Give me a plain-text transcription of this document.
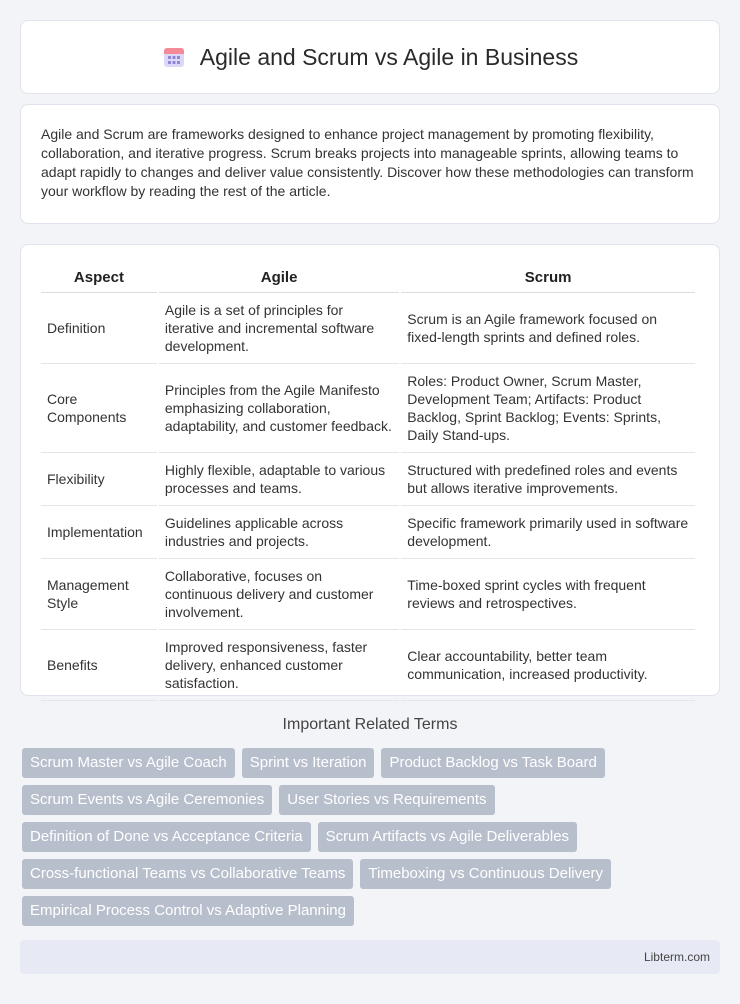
Agile and Scrum vs Agile in Business

Agile and Scrum are frameworks designed to enhance project management by promoting flexibility, collaboration, and iterative progress. Scrum breaks projects into manageable sprints, allowing teams to adapt rapidly to changes and deliver value consistently. Discover how these methodologies can transform your workflow by reading the rest of the article.

Aspect	Agile	Scrum
Definition	Agile is a set of principles for iterative and incremental software development.	Scrum is an Agile framework focused on fixed-length sprints and defined roles.
Core Components	Principles from the Agile Manifesto emphasizing collaboration, adaptability, and customer feedback.	Roles: Product Owner, Scrum Master, Development Team; Artifacts: Product Backlog, Sprint Backlog; Events: Sprints, Daily Stand-ups.
Flexibility	Highly flexible, adaptable to various processes and teams.	Structured with predefined roles and events but allows iterative improvements.
Implementation	Guidelines applicable across industries and projects.	Specific framework primarily used in software development.
Management Style	Collaborative, focuses on continuous delivery and customer involvement.	Time-boxed sprint cycles with frequent reviews and retrospectives.
Benefits	Improved responsiveness, faster delivery, enhanced customer satisfaction.	Clear accountability, better team communication, increased productivity.
Important Related Terms
Scrum Master vs Agile Coach	Sprint vs Iteration	Product Backlog vs Task Board
Scrum Events vs Agile Ceremonies	User Stories vs Requirements
Definition of Done vs Acceptance Criteria	Scrum Artifacts vs Agile Deliverables
Cross-functional Teams vs Collaborative Teams	Timeboxing vs Continuous Delivery
Empirical Process Control vs Adaptive Planning
Libterm.com
